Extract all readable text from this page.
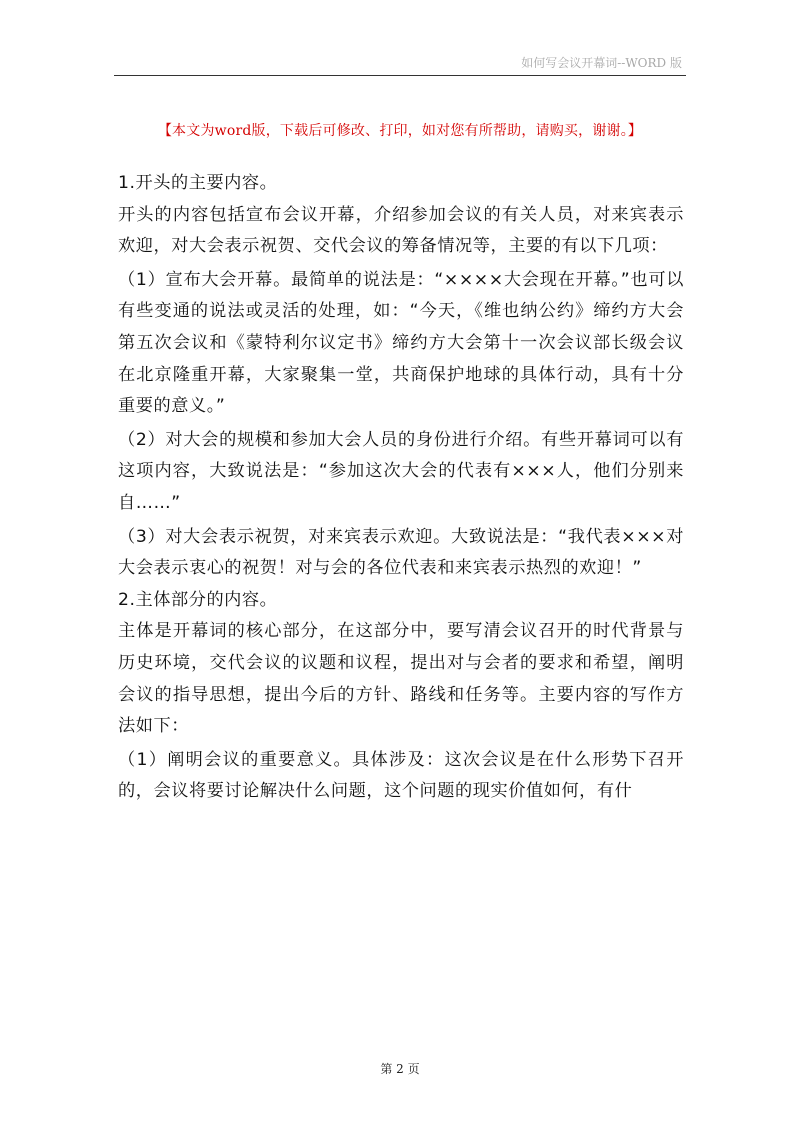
如何写会议开幕词--WORD 版
【本文为word版，下载后可修改、打印，如对您有所帮助，请购买，谢谢。】

1.开头的主要内容。

开头的内容包括宣布会议开幕，介绍参加会议的有关人员，对来宾表示欢迎，对大会表示祝贺、交代会议的筹备情况等，主要的有以下几项：

（1）宣布大会开幕。最简单的说法是：“××××大会现在开幕。”也可以有些变通的说法或灵活的处理，如：“今天，《维也纳公约》缔约方大会第五次会议和《蒙特利尔议定书》缔约方大会第十一次会议部长级会议在北京隆重开幕，大家聚集一堂，共商保护地球的具体行动，具有十分重要的意义。”

（2）对大会的规模和参加大会人员的身份进行介绍。有些开幕词可以有这项内容，大致说法是：“参加这次大会的代表有×××人，他们分别来自……”

（3）对大会表示祝贺，对来宾表示欢迎。大致说法是：“我代表×××对大会表示衷心的祝贺！对与会的各位代表和来宾表示热烈的欢迎！”

2.主体部分的内容。

主体是开幕词的核心部分，在这部分中，要写清会议召开的时代背景与历史环境，交代会议的议题和议程，提出对与会者的要求和希望，阐明会议的指导思想，提出今后的方针、路线和任务等。主要内容的写作方法如下：

（1）阐明会议的重要意义。具体涉及：这次会议是在什么形势下召开的，会议将要讨论解决什么问题，这个问题的现实价值如何，有什

第 2 页
